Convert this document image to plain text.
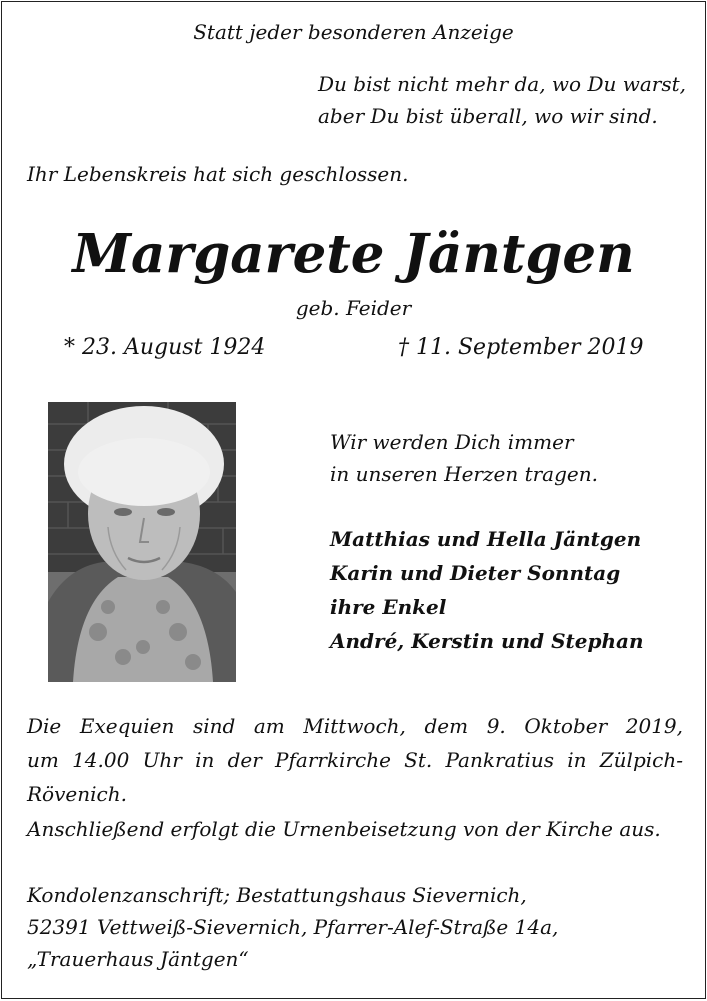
Statt jeder besonderen Anzeige
Du bist nicht mehr da, wo Du warst,
aber Du bist überall, wo wir sind.
Ihr Lebenskreis hat sich geschlossen.
Margarete Jäntgen
geb. Feider
* 23. August 1924	† 11. September 2019
Wir werden Dich immer
in unseren Herzen tragen.
Matthias und Hella Jäntgen
Karin und Dieter Sonntag
ihre Enkel
André, Kerstin und Stephan
Die Exequien sind am Mittwoch, dem 9. Oktober 2019,
um 14.00 Uhr in der Pfarrkirche St. Pankratius in Zülpich-
Rövenich.
Anschließend erfolgt die Urnenbeisetzung von der Kirche aus.
Kondolenzanschrift; Bestattungshaus Sievernich,
52391 Vettweiß-Sievernich, Pfarrer-Alef-Straße 14a,
„Trauerhaus Jäntgen“
